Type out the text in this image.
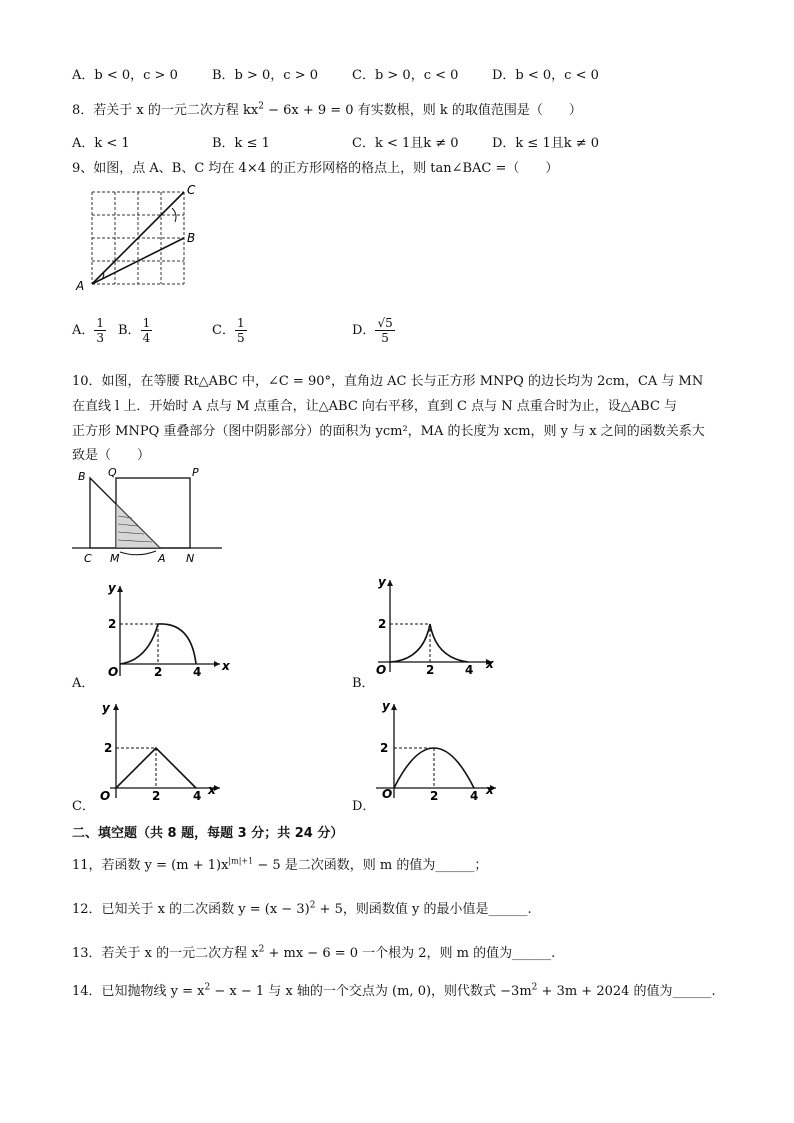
A．b < 0，c > 0	B．b > 0，c > 0	C．b > 0，c < 0	D．b < 0，c < 0
8．若关于 x 的一元二次方程 $kx^2 - 6x + 9 = 0$ 有实数根，则 k 的取值范围是（　　）
A．k < 1	B．k ≤ 1	C．k < 1且k ≠ 0	D．k ≤ 1且k ≠ 0
9、如图，点 A、B、C 均在 4×4 的正方形网格的格点上，则 tan∠BAC =（　　）
A
B
C
A． $\frac{1}{3}$ B． $\frac{1}{4}$	C． $\frac{1}{5}$	D． $\frac{√5}{5}$
10．如图，在等腰 Rt△ABC 中，∠C = 90°，直角边 AC 长与正方形 MNPQ 的边长均为 2cm，CA 与 MN
在直线 l 上．开始时 A 点与 M 点重合，让△ABC 向右平移，直到 C 点与 N 点重合时为止，设△ABC 与
正方形 MNPQ 重叠部分（图中阴影部分）的面积为 ycm²，MA 的长度为 xcm，则 y 与 x 之间的函数关系大
致是（　　）
B Q	P
C M	A N
A．
y
x
O	2	4
2
B．
y
x
O	2	4
2
C．
y
x
O	2	4
2
D．
y
x
O	2	4
2
二、填空题（共 8 题，每题 3 分；共 24 分）
11，若函数 $y = (m + 1)x^{|m|+1} - 5$ 是二次函数，则 m 的值为______；
12．已知关于 x 的二次函数 $y = (x - 3)^2 + 5$，则函数值 y 的最小值是______.
13．若关于 x 的一元二次方程 $x^2$ + mx − 6 = 0 一个根为 2，则 m 的值为______.
14．已知抛物线 $y = x^2 - x - 1$ 与 x 轴的一个交点为 (m, 0)，则代数式 $-3m^2 + 3m + 2024$ 的值为______.
